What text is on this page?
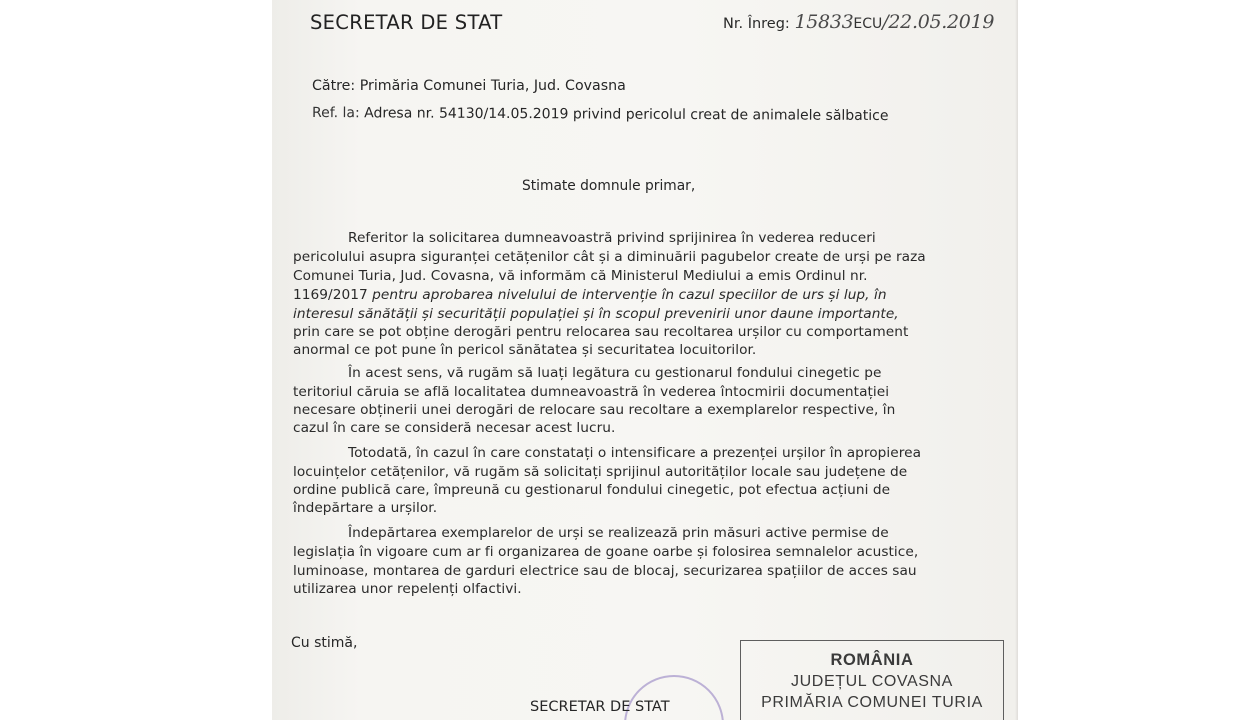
SECRETAR DE STAT	Nr. Înreg: 15833ECU/22.05.2019
Către: Primăria Comunei Turia, Jud. Covasna
Ref. la: Adresa nr. 54130/14.05.2019 privind pericolul creat de animalele sălbatice
Stimate domnule primar,
Referitor la solicitarea dumneavoastră privind sprijinirea în vederea reduceri
pericolului asupra siguranței cetățenilor cât și a diminuării pagubelor create de urși pe raza
Comunei Turia, Jud. Covasna, vă informăm că Ministerul Mediului a emis Ordinul nr.
1169/2017 pentru aprobarea nivelului de intervenție în cazul speciilor de urs și lup, în
interesul sănătății și securității populației și în scopul prevenirii unor daune importante,
prin care se pot obține derogări pentru relocarea sau recoltarea urșilor cu comportament
anormal ce pot pune în pericol sănătatea și securitatea locuitorilor.
În acest sens, vă rugăm să luați legătura cu gestionarul fondului cinegetic pe
teritoriul căruia se află localitatea dumneavoastră în vederea întocmirii documentației
necesare obținerii unei derogări de relocare sau recoltare a exemplarelor respective, în
cazul în care se consideră necesar acest lucru.
Totodată, în cazul în care constatați o intensificare a prezenței urșilor în apropierea
locuințelor cetățenilor, vă rugăm să solicitați sprijinul autorităților locale sau județene de
ordine publică care, împreună cu gestionarul fondului cinegetic, pot efectua acțiuni de
îndepărtare a urșilor.
Îndepărtarea exemplarelor de urși se realizează prin măsuri active permise de
legislația în vigoare cum ar fi organizarea de goane oarbe și folosirea semnalelor acustice,
luminoase, montarea de garduri electrice sau de blocaj, securizarea spațiilor de acces sau
utilizarea unor repelenți olfactivi.
Cu stimă,
SECRETAR DE STAT
ROMÂNIA
JUDEȚUL COVASNA
PRIMĂRIA COMUNEI TURIA
